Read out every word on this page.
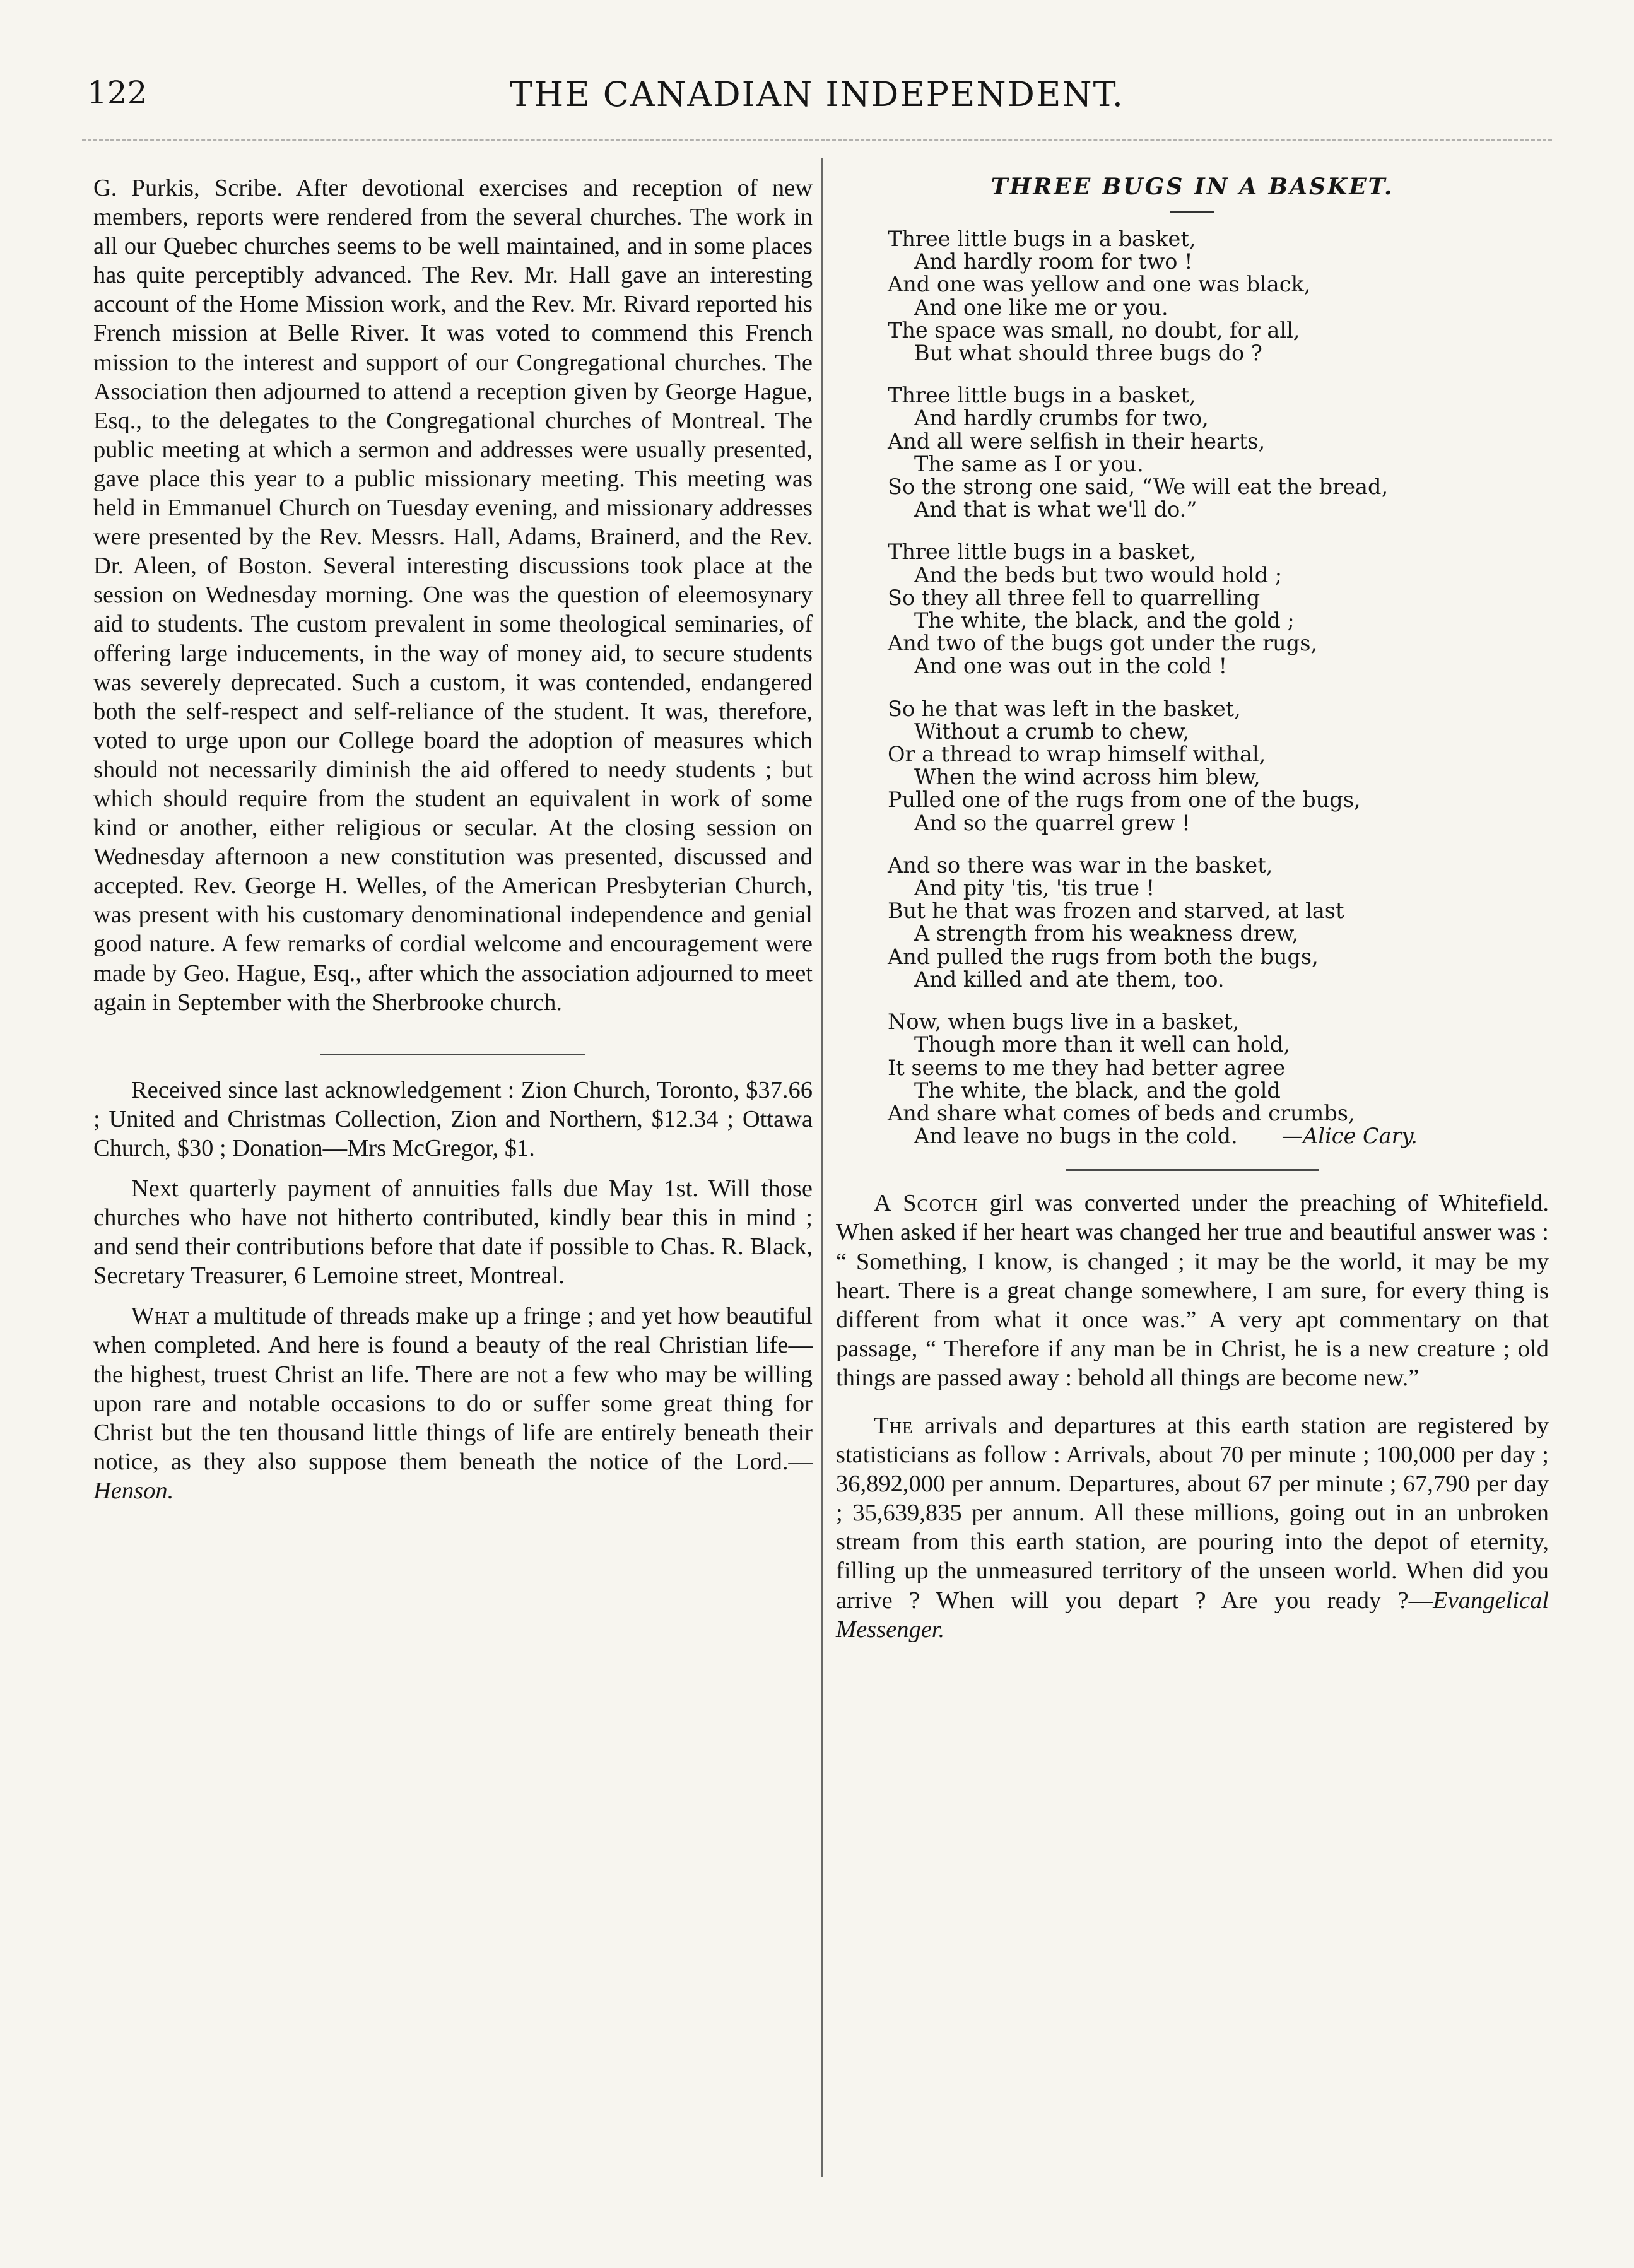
122	THE CANADIAN INDEPENDENT.

G. Purkis, Scribe. After devotional exercises and reception of new members, reports were rendered from the several churches. The work in all our Quebec churches seems to be well maintained, and in some places has quite perceptibly advanced. The Rev. Mr. Hall gave an interesting account of the Home Mission work, and the Rev. Mr. Rivard reported his French mission at Belle River. It was voted to commend this French mission to the interest and support of our Congregational churches. The Association then adjourned to attend a reception given by George Hague, Esq., to the delegates to the Congregational churches of Montreal. The public meeting at which a sermon and addresses were usually presented, gave place this year to a public missionary meeting. This meeting was held in Emmanuel Church on Tuesday evening, and missionary addresses were presented by the Rev. Messrs. Hall, Adams, Brainerd, and the Rev. Dr. Aleen, of Boston. Several interesting discussions took place at the session on Wednesday morning. One was the question of eleemosynary aid to students. The custom prevalent in some theological seminaries, of offering large inducements, in the way of money aid, to secure students was severely deprecated. Such a custom, it was contended, endangered both the self-respect and self-reliance of the student. It was, therefore, voted to urge upon our College board the adoption of measures which should not necessarily diminish the aid offered to needy students ; but which should require from the student an equivalent in work of some kind or another, either religious or secular. At the closing session on Wednesday afternoon a new constitution was presented, discussed and accepted. Rev. George H. Welles, of the American Presbyterian Church, was present with his customary denominational independence and genial good nature. A few remarks of cordial welcome and encouragement were made by Geo. Hague, Esq., after which the association adjourned to meet again in September with the Sherbrooke church.

Received since last acknowledgement : Zion Church, Toronto, $37.66 ; United and Christmas Collection, Zion and Northern, $12.34 ; Ottawa Church, $30 ; Donation—Mrs McGregor, $1.

Next quarterly payment of annuities falls due May 1st. Will those churches who have not hitherto contributed, kindly bear this in mind ; and send their contributions before that date if possible to Chas. R. Black, Secretary Treasurer, 6 Lemoine street, Montreal.

What a multitude of threads make up a fringe ; and yet how beautiful when completed. And here is found a beauty of the real Christian life—the highest, truest Christ an life. There are not a few who may be willing upon rare and notable occasions to do or suffer some great thing for Christ but the ten thousand little things of life are entirely beneath their notice, as they also suppose them beneath the notice of the Lord.—Henson.

THREE BUGS IN A BASKET.
Three little bugs in a basket,
And hardly room for two !
And one was yellow and one was black,
And one like me or you.
The space was small, no doubt, for all,
But what should three bugs do ?
Three little bugs in a basket,
And hardly crumbs for two,
And all were selfish in their hearts,
The same as I or you.
So the strong one said, “We will eat the bread,
And that is what we'll do.”
Three little bugs in a basket,
And the beds but two would hold ;
So they all three fell to quarrelling
The white, the black, and the gold ;
And two of the bugs got under the rugs,
And one was out in the cold !
So he that was left in the basket,
Without a crumb to chew,
Or a thread to wrap himself withal,
When the wind across him blew,
Pulled one of the rugs from one of the bugs,
And so the quarrel grew !
And so there was war in the basket,
And pity 'tis, 'tis true !
But he that was frozen and starved, at last
A strength from his weakness drew,
And pulled the rugs from both the bugs,
And killed and ate them, too.
Now, when bugs live in a basket,
Though more than it well can hold,
It seems to me they had better agree
The white, the black, and the gold
And share what comes of beds and crumbs,
And leave no bugs in the cold. —Alice Cary.

A Scotch girl was converted under the preaching of Whitefield. When asked if her heart was changed her true and beautiful answer was : “ Something, I know, is changed ; it may be the world, it may be my heart. There is a great change somewhere, I am sure, for every thing is different from what it once was.” A very apt commentary on that passage, “ Therefore if any man be in Christ, he is a new creature ; old things are passed away : behold all things are become new.”

The arrivals and departures at this earth station are registered by statisticians as follow : Arrivals, about 70 per minute ; 100,000 per day ; 36,892,000 per annum. Departures, about 67 per minute ; 67,790 per day ; 35,639,835 per annum. All these millions, going out in an unbroken stream from this earth station, are pouring into the depot of eternity, filling up the unmeasured territory of the unseen world. When did you arrive ? When will you depart ? Are you ready ?—Evangelical Messenger.
